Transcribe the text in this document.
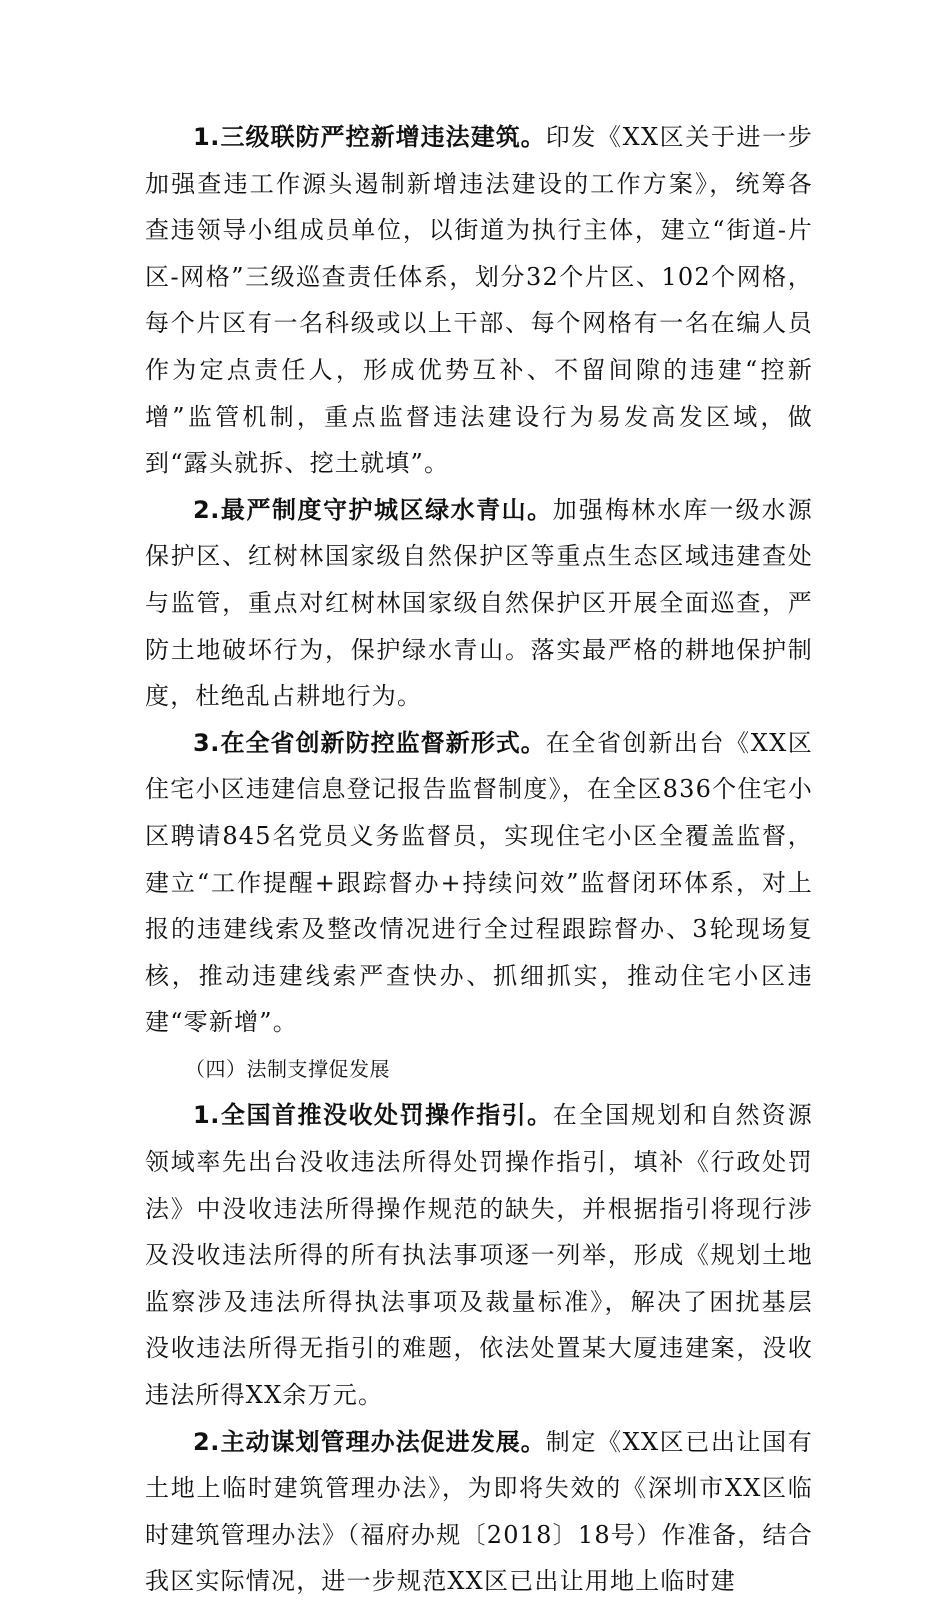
1.三级联防严控新增违法建筑。印发《XX区关于进一步加强查违工作源头遏制新增违法建设的工作方案》，统筹各查违领导小组成员单位，以街道为执行主体，建立“街道-片区-网格”三级巡查责任体系，划分32个片区、102个网格，每个片区有一名科级或以上干部、每个网格有一名在编人员作为定点责任人，形成优势互补、不留间隙的违建“控新增”监管机制，重点监督违法建设行为易发高发区域，做到“露头就拆、挖土就填”。

2.最严制度守护城区绿水青山。加强梅林水库一级水源保护区、红树林国家级自然保护区等重点生态区域违建查处与监管，重点对红树林国家级自然保护区开展全面巡查，严防土地破坏行为，保护绿水青山。落实最严格的耕地保护制度，杜绝乱占耕地行为。

3.在全省创新防控监督新形式。在全省创新出台《XX区住宅小区违建信息登记报告监督制度》，在全区836个住宅小区聘请845名党员义务监督员，实现住宅小区全覆盖监督，建立“工作提醒+跟踪督办+持续问效”监督闭环体系，对上报的违建线索及整改情况进行全过程跟踪督办、3轮现场复核，推动违建线索严查快办、抓细抓实，推动住宅小区违建“零新增”。

（四）法制支撑促发展

1.全国首推没收处罚操作指引。在全国规划和自然资源领域率先出台没收违法所得处罚操作指引，填补《行政处罚法》中没收违法所得操作规范的缺失，并根据指引将现行涉及没收违法所得的所有执法事项逐一列举，形成《规划土地监察涉及违法所得执法事项及裁量标准》，解决了困扰基层没收违法所得无指引的难题，依法处置某大厦违建案，没收违法所得XX余万元。

2.主动谋划管理办法促进发展。制定《XX区已出让国有土地上临时建筑管理办法》，为即将失效的《深圳市XX区临时建筑管理办法》（福府办规〔2018〕18号）作准备，结合我区实际情况，进一步规范XX区已出让用地上临时建
